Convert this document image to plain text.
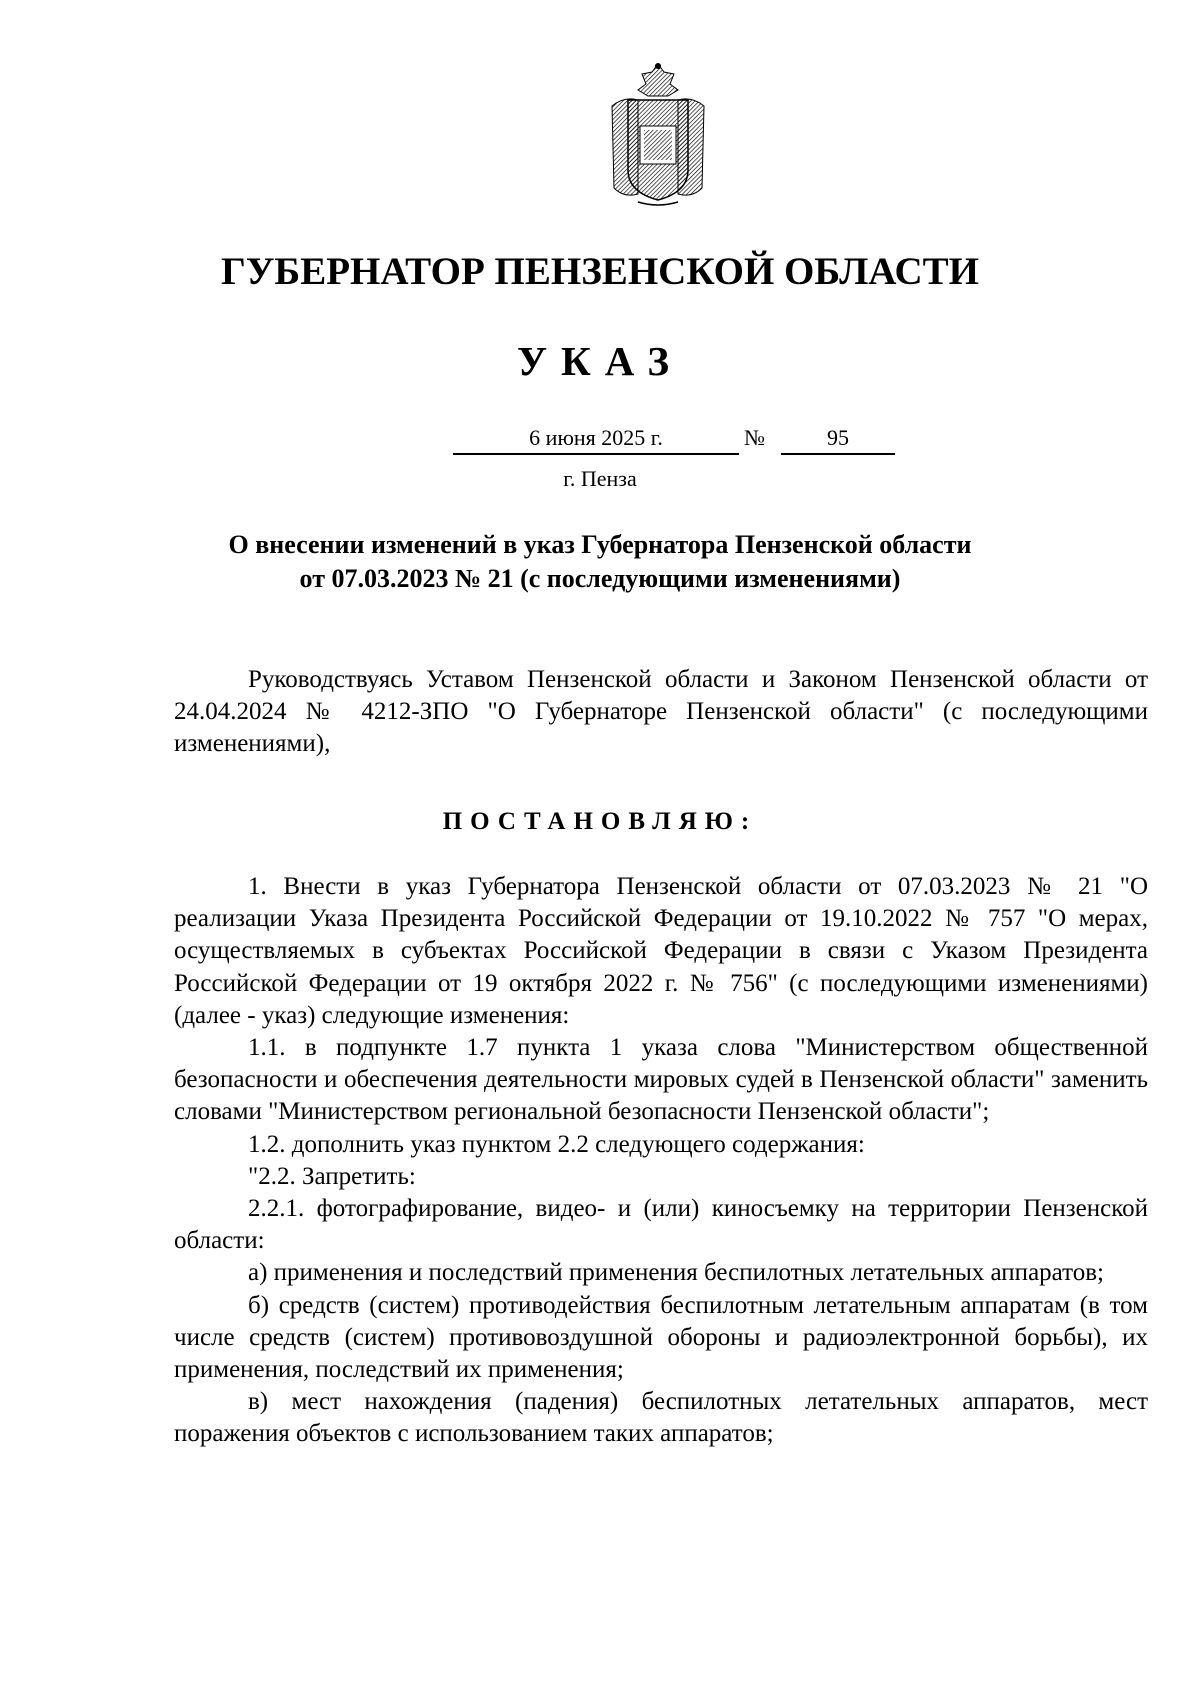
ГУБЕРНАТОР ПЕНЗЕНСКОЙ ОБЛАСТИ
УКАЗ
6 июня 2025 г.	№	95
г. Пенза
О внесении изменений в указ Губернатора Пензенской области
от 07.03.2023 № 21 (с последующими изменениями)

Руководствуясь Уставом Пензенской области и Законом Пензенской области от 24.04.2024 № 4212-ЗПО "О Губернаторе Пензенской области" (с последующими изменениями),

ПОСТАНОВЛЯЮ:

1. Внести в указ Губернатора Пензенской области от 07.03.2023 № 21 "О реализации Указа Президента Российской Федерации от 19.10.2022 № 757 "О мерах, осуществляемых в субъектах Российской Федерации в связи с Указом Президента Российской Федерации от 19 октября 2022 г. № 756" (с последующими изменениями) (далее - указ) следующие изменения:

1.1. в подпункте 1.7 пункта 1 указа слова "Министерством общественной безопасности и обеспечения деятельности мировых судей в Пензенской области" заменить словами "Министерством региональной безопасности Пензенской области";

1.2. дополнить указ пунктом 2.2 следующего содержания:

"2.2. Запретить:

2.2.1. фотографирование, видео- и (или) киносъемку на территории Пензенской области:

а) применения и последствий применения беспилотных летательных аппаратов;

б) средств (систем) противодействия беспилотным летательным аппаратам (в том числе средств (систем) противовоздушной обороны и радиоэлектронной борьбы), их применения, последствий их применения;

в) мест нахождения (падения) беспилотных летательных аппаратов, мест поражения объектов с использованием таких аппаратов;
